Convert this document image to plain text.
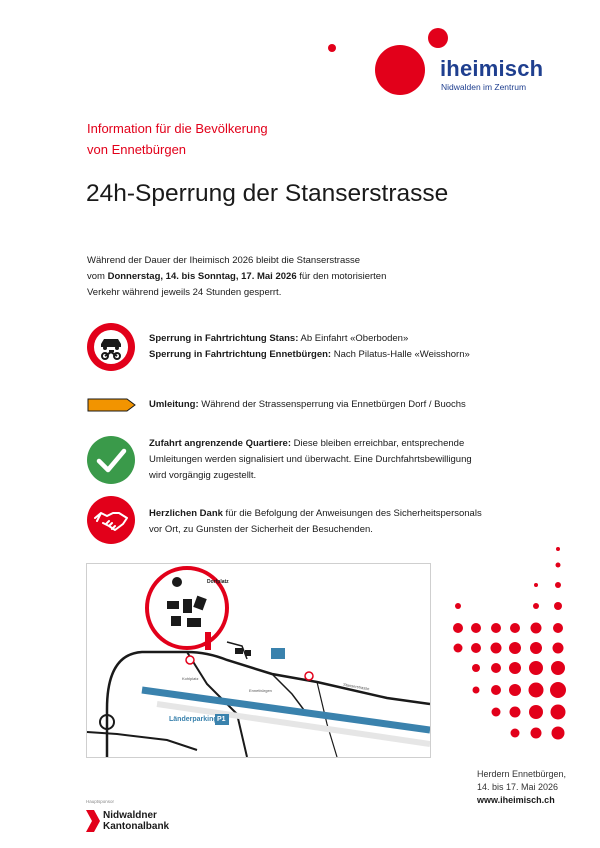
iheimisch
Nidwalden im Zentrum
Information für die Bevölkerung
von Ennetbürgen
24h-Sperrung der Stanserstrasse
Während der Dauer der Iheimisch 2026 bleibt die Stanserstrasse
vom Donnerstag, 14. bis Sonntag, 17. Mai 2026 für den motorisierten
Verkehr während jeweils 24 Stunden gesperrt.
Sperrung in Fahrtrichtung Stans: Ab Einfahrt «Oberboden»
Sperrung in Fahrtrichtung Ennetbürgen: Nach Pilatus-Halle «Weisshorn»
Umleitung: Während der Strassensperrung via Ennetbürgen Dorf / Buochs
Zufahrt angrenzende Quartiere: Diese bleiben erreichbar, entsprechende
Umleitungen werden signalisiert und überwacht. Eine Durchfahrtsbewilligung
wird vorgängig zugestellt.
Herzlichen Dank für die Befolgung der Anweisungen des Sicherheitspersonals
vor Ort, zu Gunsten der Sicherheit der Besuchenden.
Dorfplatz
Stanserstrasse
Kohlplatz
Ennetbürgen
Länderparking P1
Herdern Ennetbürgen,
14. bis 17. Mai 2026
www.iheimisch.ch
Hauptsponsor
Nidwaldner
Kantonalbank
